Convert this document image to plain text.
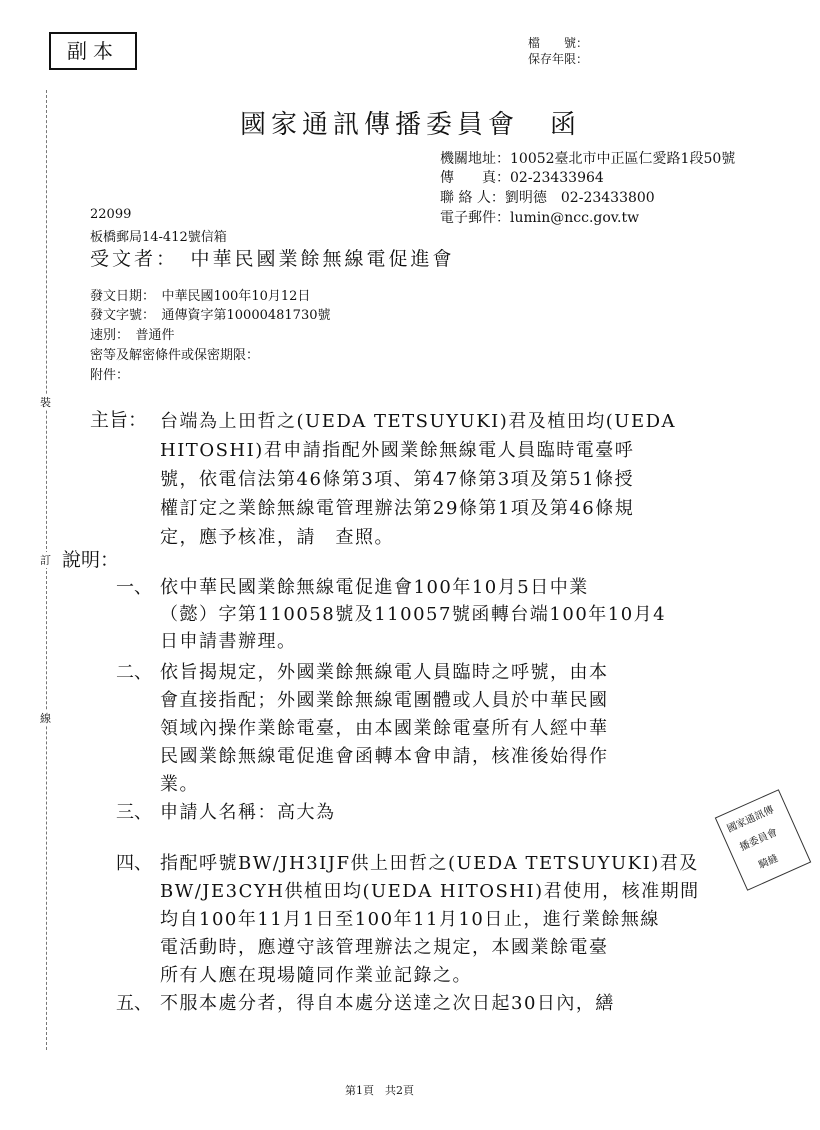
裝
訂
線
副本	檔　　號：
保存年限：
國家通訊傳播委員會　函
機關地址：10052臺北市中正區仁愛路1段50號
傳　　真：02-23433964
聯 絡 人：劉明德　02-23433800
電子郵件：lumin@ncc.gov.tw
22099
板橋郵局14-412號信箱
受文者：　中華民國業餘無線電促進會
發文日期：　中華民國100年10月12日
發文字號：　通傳資字第10000481730號
速別：　普通件
密等及解密條件或保密期限：
附件：
主旨： 台端為上田哲之(UEDA TETSUYUKI)君及植田均(UEDA
HITOSHI)君申請指配外國業餘無線電人員臨時電臺呼
號，依電信法第46條第3項、第47條第3項及第51條授
權訂定之業餘無線電管理辦法第29條第1項及第46條規
定，應予核准，請　查照。
說明：
一、 依中華民國業餘無線電促進會100年10月5日中業
（懿）字第110058號及110057號函轉台端100年10月4
日申請書辦理。
二、 依旨揭規定，外國業餘無線電人員臨時之呼號，由本
會直接指配；外國業餘無線電團體或人員於中華民國
領域內操作業餘電臺，由本國業餘電臺所有人經中華
民國業餘無線電促進會函轉本會申請，核准後始得作
業。
三、 申請人名稱：高大為
四、 指配呼號BW/JH3IJF供上田哲之(UEDA TETSUYUKI)君及
BW/JE3CYH供植田均(UEDA HITOSHI)君使用，核准期間
均自100年11月1日至100年11月10日止，進行業餘無線
電活動時，應遵守該管理辦法之規定，本國業餘電臺
所有人應在現場隨同作業並記錄之。
五、 不服本處分者，得自本處分送達之次日起30日內，繕
國家通訊傳
播委員會
騎縫
第1頁　共2頁
